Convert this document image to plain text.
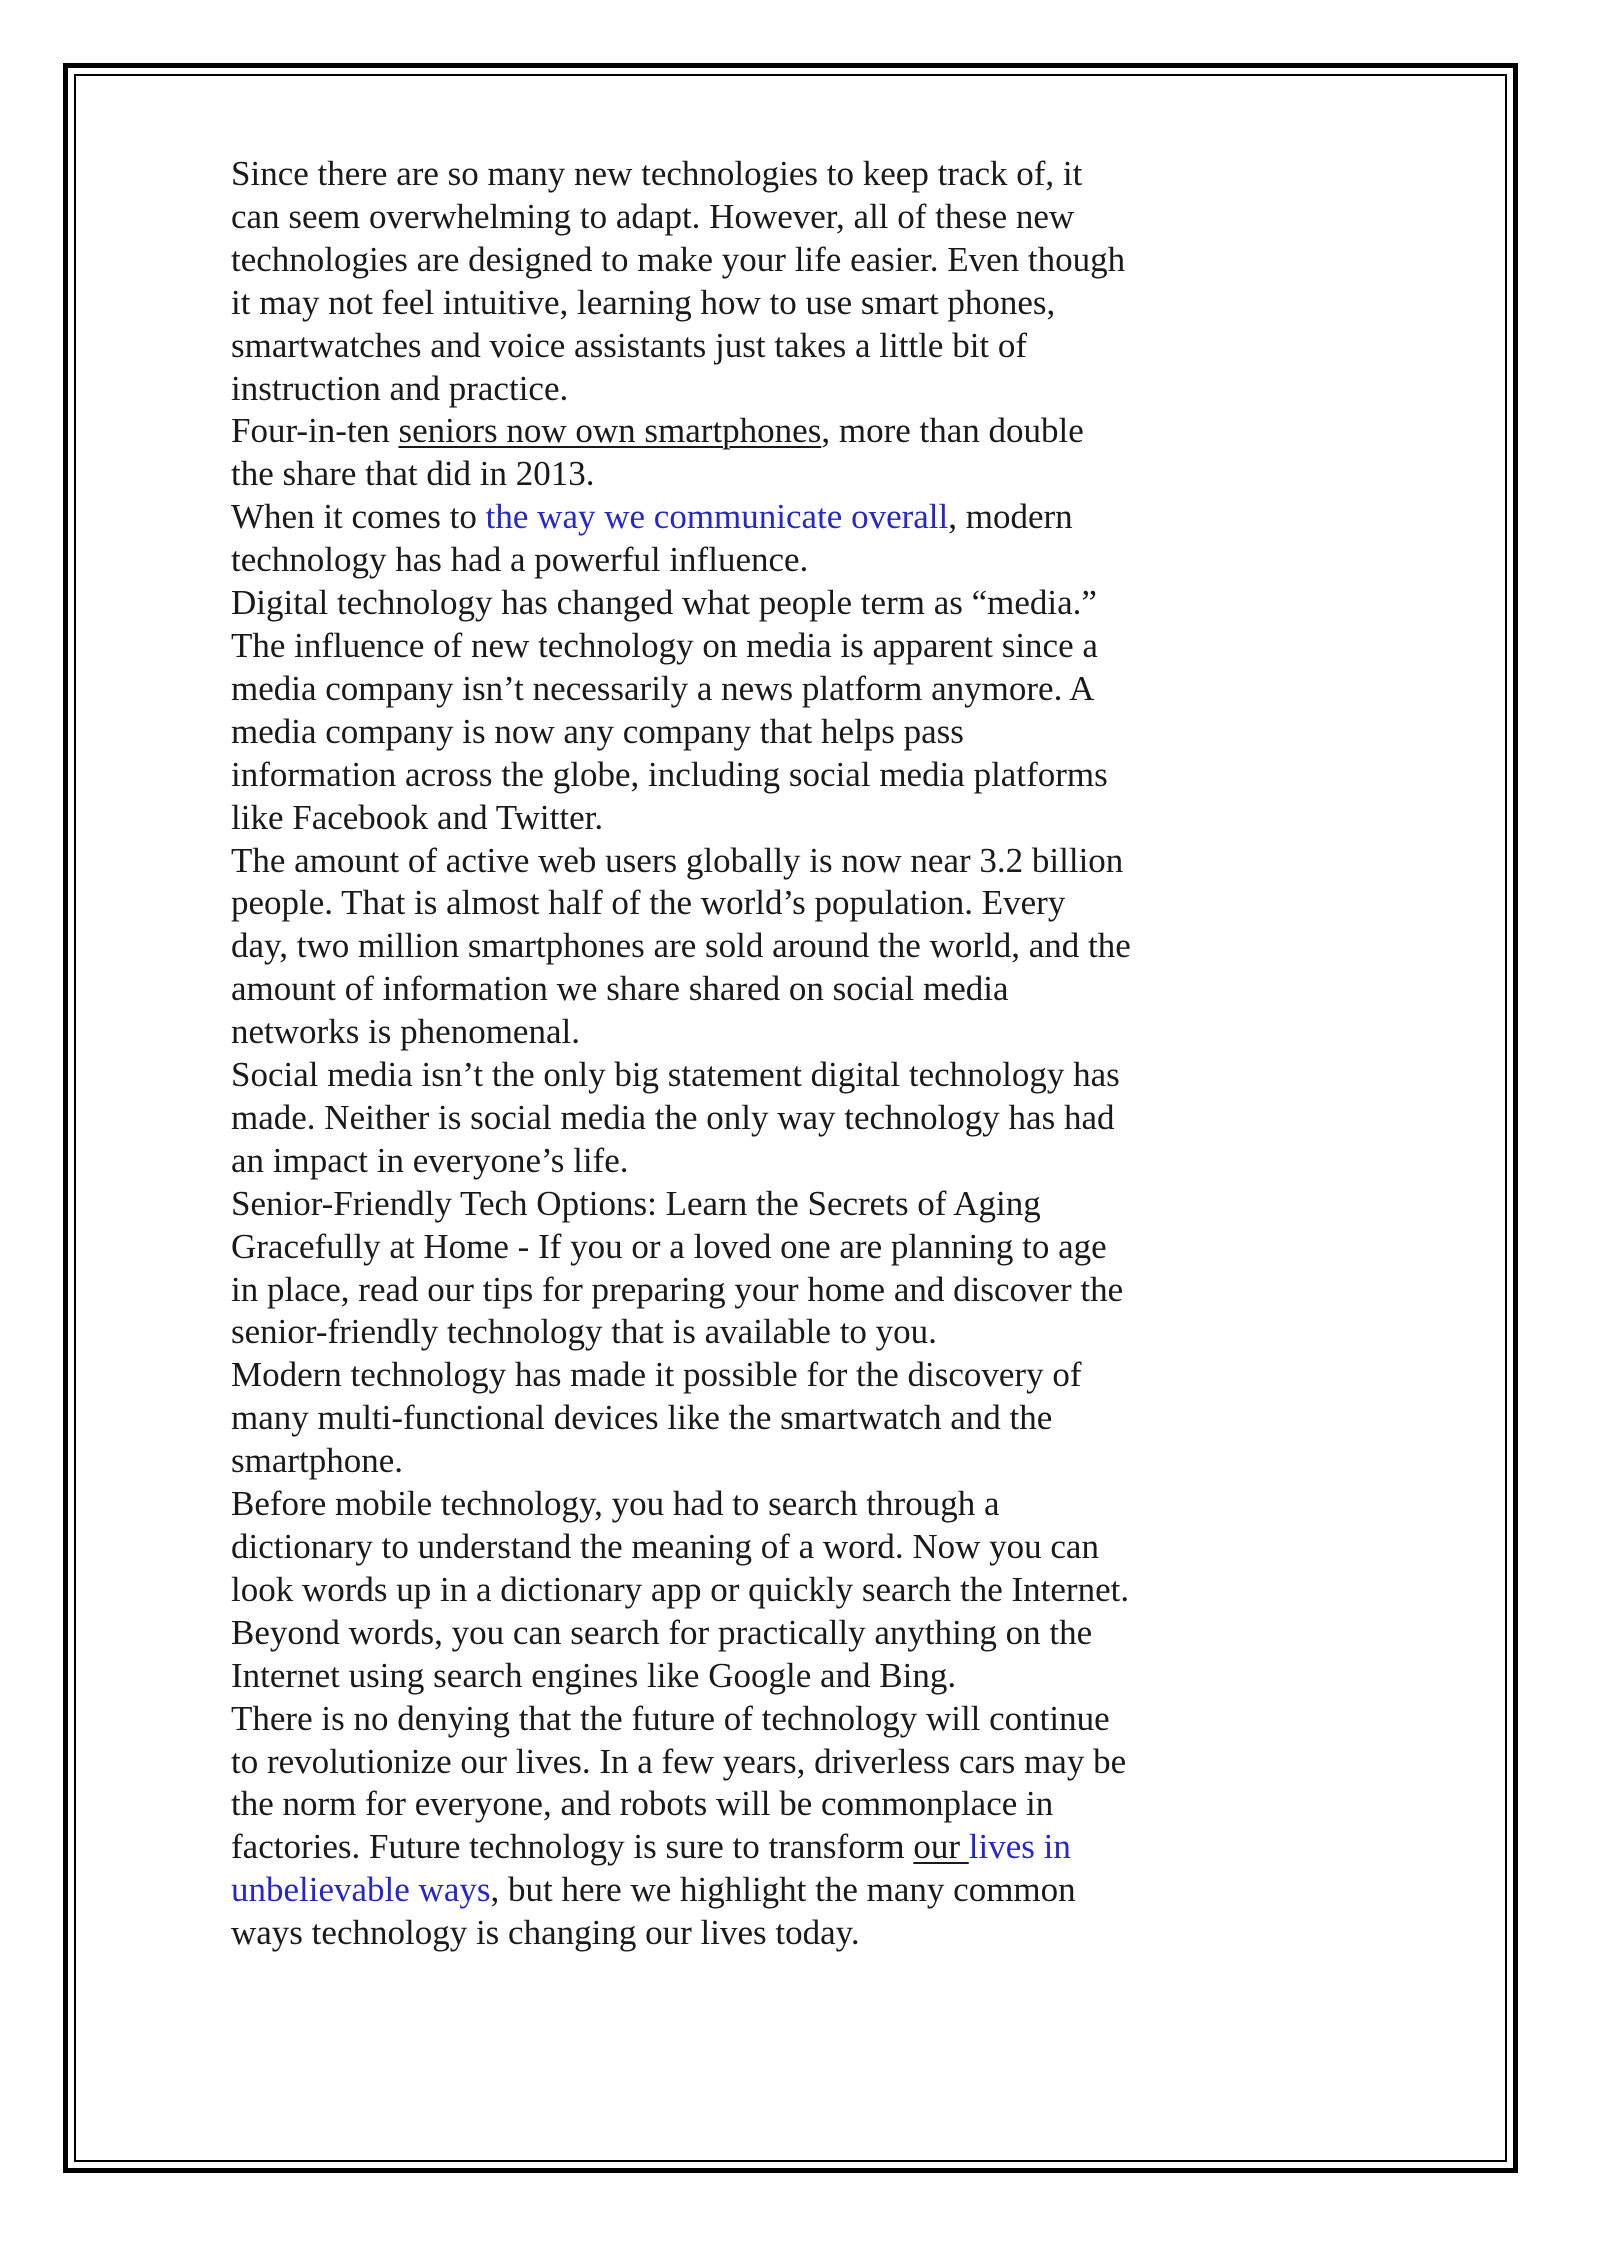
Since there are so many new technologies to keep track of, it can seem overwhelming to adapt. However, all of these new technologies are designed to make your life easier. Even though it may not feel intuitive, learning how to use smart phones, smartwatches and voice assistants just takes a little bit of instruction and practice.

Four-in-ten seniors now own smartphones, more than double the share that did in 2013.

When it comes to the way we communicate overall, modern technology has had a powerful influence.

Digital technology has changed what people term as “media.” The influence of new technology on media is apparent since a media company isn’t necessarily a news platform anymore. A media company is now any company that helps pass information across the globe, including social media platforms like Facebook and Twitter.

The amount of active web users globally is now near 3.2 billion people. That is almost half of the world’s population. Every day, two million smartphones are sold around the world, and the amount of information we share shared on social media networks is phenomenal.

Social media isn’t the only big statement digital technology has made. Neither is social media the only way technology has had an impact in everyone’s life.

Senior-Friendly Tech Options: Learn the Secrets of Aging Gracefully at Home - If you or a loved one are planning to age in place, read our tips for preparing your home and discover the senior-friendly technology that is available to you.

Modern technology has made it possible for the discovery of many multi-functional devices like the smartwatch and the smartphone.

Before mobile technology, you had to search through a dictionary to understand the meaning of a word. Now you can look words up in a dictionary app or quickly search the Internet. Beyond words, you can search for practically anything on the Internet using search engines like Google and Bing.

There is no denying that the future of technology will continue to revolutionize our lives. In a few years, driverless cars may be the norm for everyone, and robots will be commonplace in factories. Future technology is sure to transform our lives in unbelievable ways, but here we highlight the many common ways technology is changing our lives today.
